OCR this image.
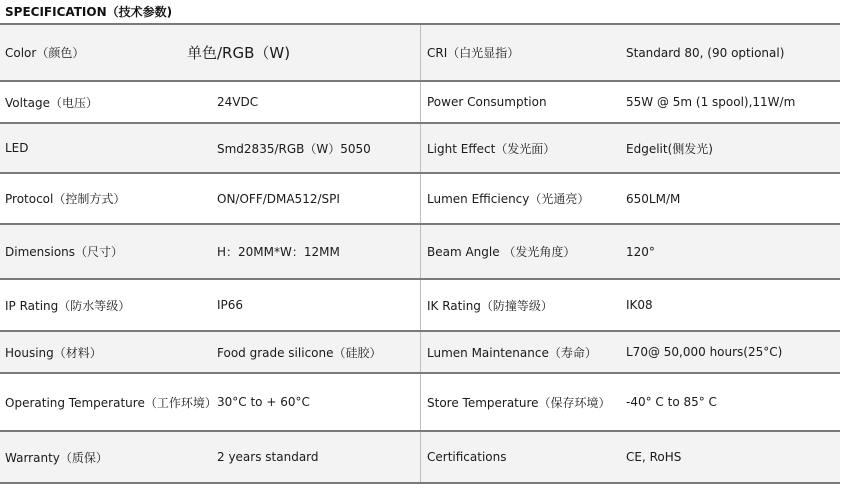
SPECIFICATION（技术参数)
Color（颜色）	单色/RGB（W)	CRI（白光显指）	Standard 80, (90 optional)
Voltage（电压）	24VDC	Power Consumption	55W @ 5m (1 spool),11W/m
LED	Smd2835/RGB（W）5050	Light Effect（发光面）	Edgelit(侧发光)
Protocol（控制方式）	ON/OFF/DMA512/SPI	Lumen Efficiency（光通亮）	650LM/M
Dimensions（尺寸）	H：20MM*W：12MM	Beam Angle （发光角度）	120°
IP Rating（防水等级）	IP66	IK Rating（防撞等级）	IK08
Housing（材料）	Food grade silicone（硅胶）	Lumen Maintenance（寿命）	L70@ 50,000 hours(25°C)
Operating Temperature（工作环境） 30°C to + 60°C	Store Temperature（保存环境）	-40° C to 85° C
Warranty（质保）	2 years standard	Certifications	CE, RoHS
